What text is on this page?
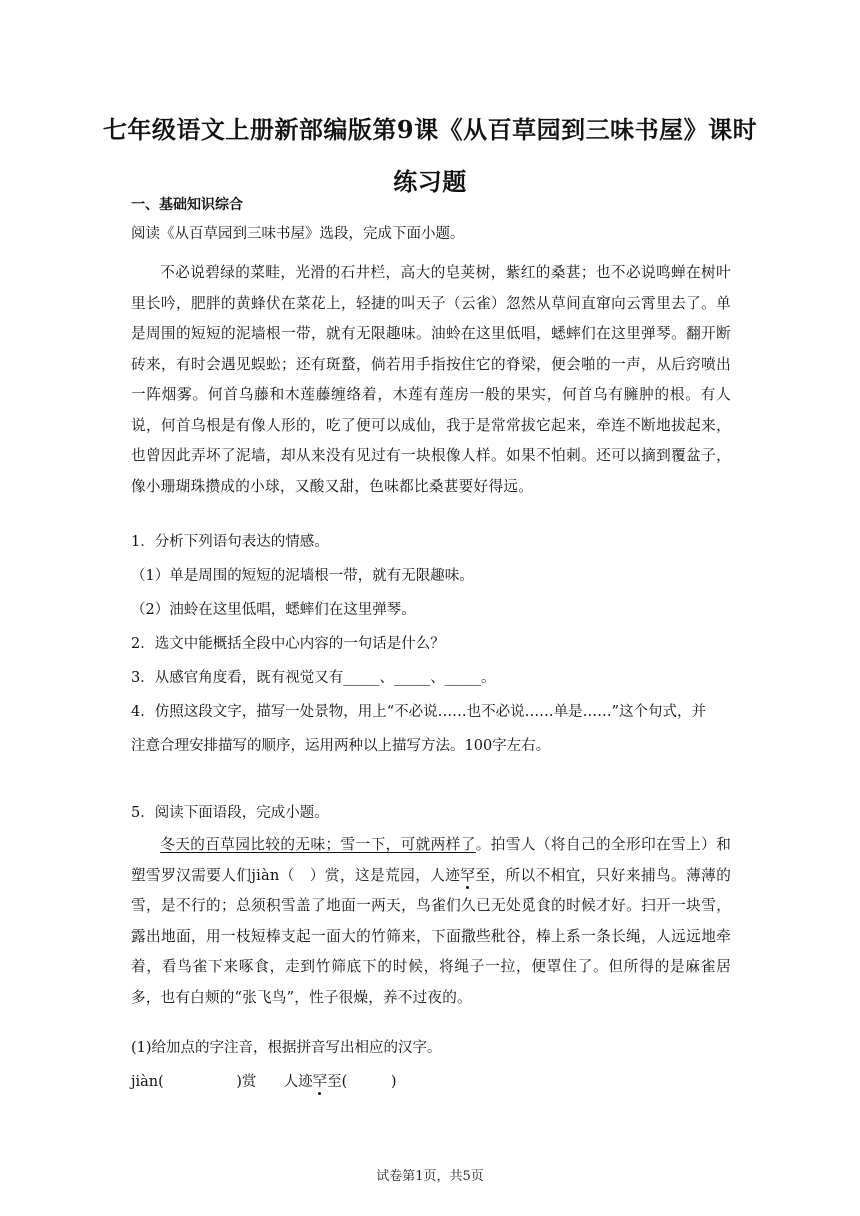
七年级语文上册新部编版第9课《从百草园到三味书屋》课时练习题
一、基础知识综合
阅读《从百草园到三味书屋》选段，完成下面小题。
不必说碧绿的菜畦，光滑的石井栏，高大的皂荚树，紫红的桑葚；也不必说鸣蝉在树叶里长吟，肥胖的黄蜂伏在菜花上，轻捷的叫天子（云雀）忽然从草间直窜向云霄里去了。单是周围的短短的泥墙根一带，就有无限趣味。油蛉在这里低唱，蟋蟀们在这里弹琴。翻开断砖来，有时会遇见蜈蚣；还有斑蝥，倘若用手指按住它的脊梁，便会啪的一声，从后窍喷出一阵烟雾。何首乌藤和木莲藤缠络着，木莲有莲房一般的果实，何首乌有臃肿的根。有人说，何首乌根是有像人形的，吃了便可以成仙，我于是常常拔它起来，牵连不断地拔起来，也曾因此弄坏了泥墙，却从来没有见过有一块根像人样。如果不怕刺。还可以摘到覆盆子，像小珊瑚珠攒成的小球，又酸又甜，色味都比桑葚要好得远。
1．分析下列语句表达的情感。
（1）单是周围的短短的泥墙根一带，就有无限趣味。
（2）油蛉在这里低唱，蟋蟀们在这里弹琴。
2．选文中能概括全段中心内容的一句话是什么？
3．从感官角度看，既有视觉又有_____、_____、_____。
4．仿照这段文字，描写一处景物，用上“不必说……也不必说……单是……”这个句式，并
注意合理安排描写的顺序，运用两种以上描写方法。100字左右。
5．阅读下面语段，完成小题。
冬天的百草园比较的无味；雪一下，可就两样了。拍雪人（将自己的全形印在雪上）和塑雪罗汉需要人们jiàn（　）赏，这是荒园，人迹罕至，所以不相宜，只好来捕鸟。薄薄的雪，是不行的；总须积雪盖了地面一两天，鸟雀们久已无处觅食的时候才好。扫开一块雪，露出地面，用一枝短棒支起一面大的竹筛来，下面撒些秕谷，棒上系一条长绳，人远远地牵着，看鸟雀下来啄食，走到竹筛底下的时候，将绳子一拉，便罩住了。但所得的是麻雀居多，也有白颊的“张飞鸟”，性子很燥，养不过夜的。
(1)给加点的字注音，根据拼音写出相应的汉字。
jiàn(　　　　　)赏 人迹罕至(　　　)
试卷第1页，共5页
